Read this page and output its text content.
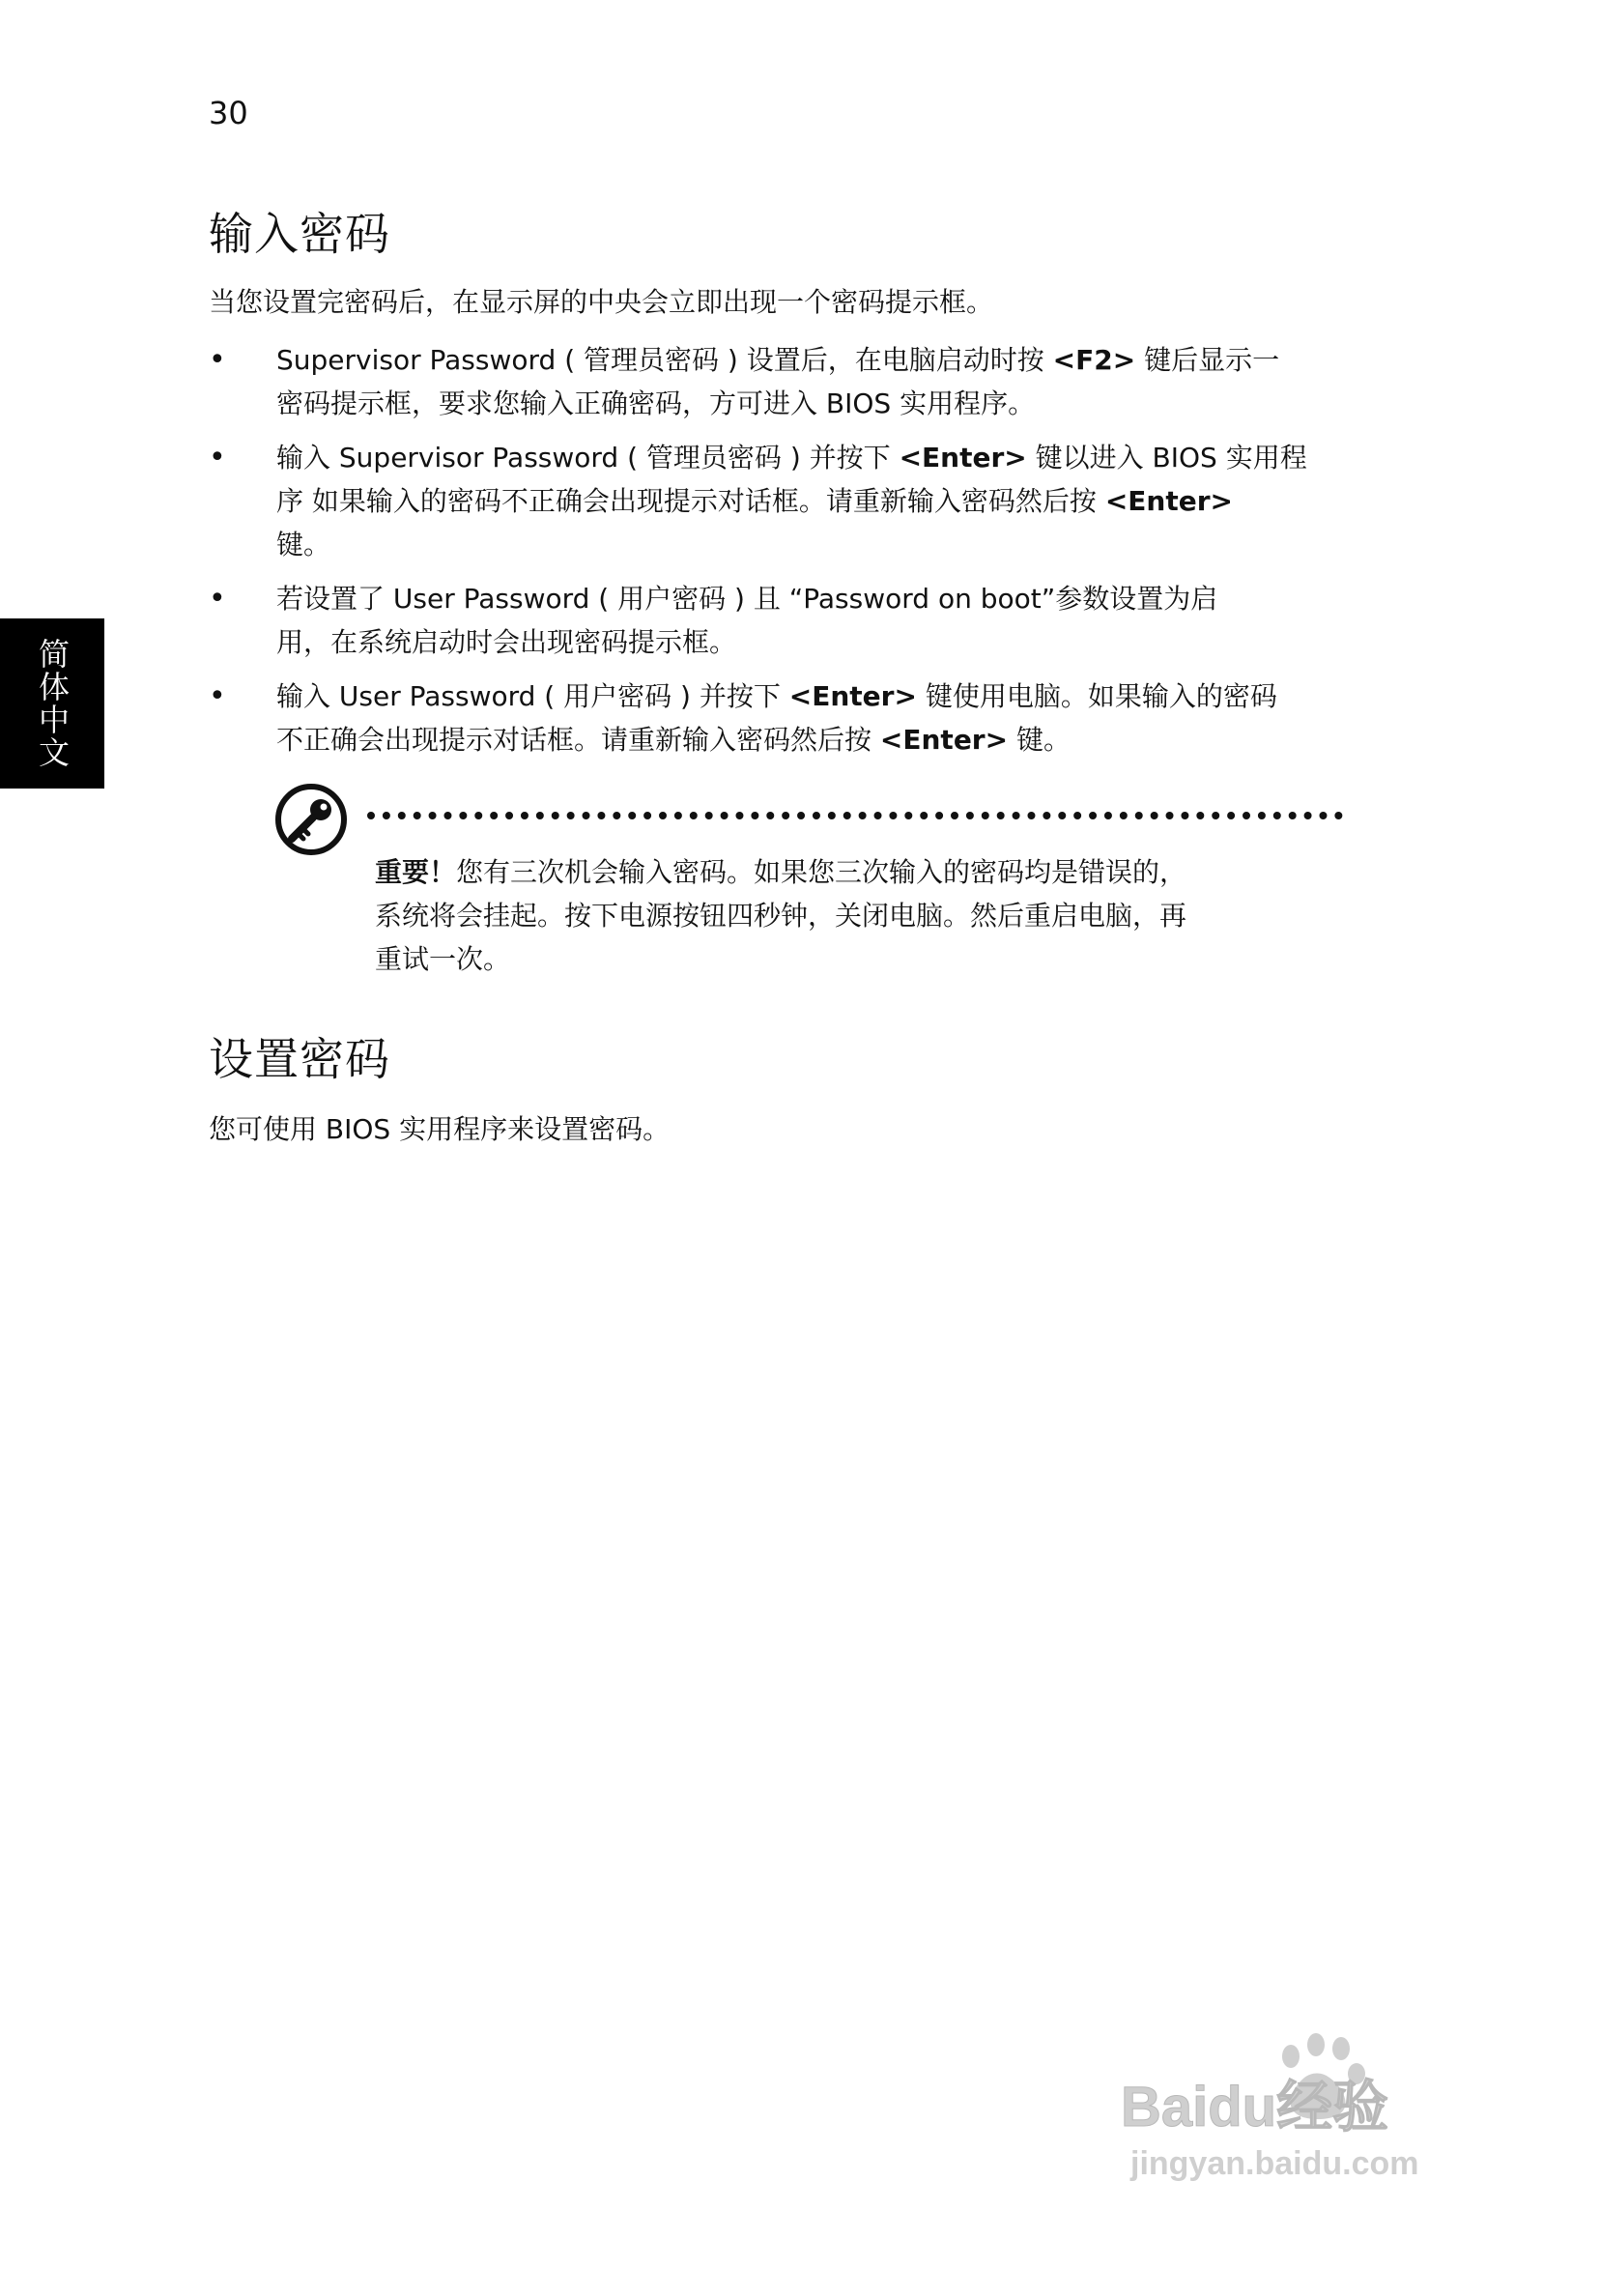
30
简体中文
输入密码

当您设置完密码后，在显示屏的中央会立即出现一个密码提示框。

• Supervisor Password ( 管理员密码 ) 设置后，在电脑启动时按 <F2> 键后显示一
密码提示框，要求您输入正确密码，方可进入 BIOS 实用程序。
• 输入 Supervisor Password ( 管理员密码 ) 并按下 <Enter> 键以进入 BIOS 实用程
序 如果输入的密码不正确会出现提示对话框。请重新输入密码然后按 <Enter>
键。
• 若设置了 User Password ( 用户密码 ) 且 “Password on boot”参数设置为启
用，在系统启动时会出现密码提示框。
• 输入 User Password ( 用户密码 ) 并按下 <Enter> 键使用电脑。如果输入的密码
不正确会出现提示对话框。请重新输入密码然后按 <Enter> 键。

重要！您有三次机会输入密码。如果您三次输入的密码均是错误的，
系统将会挂起。按下电源按钮四秒钟，关闭电脑。然后重启电脑，再
重试一次。

设置密码

您可使用 BIOS 实用程序来设置密码。

Baidu经验
jingyan.baidu.com
